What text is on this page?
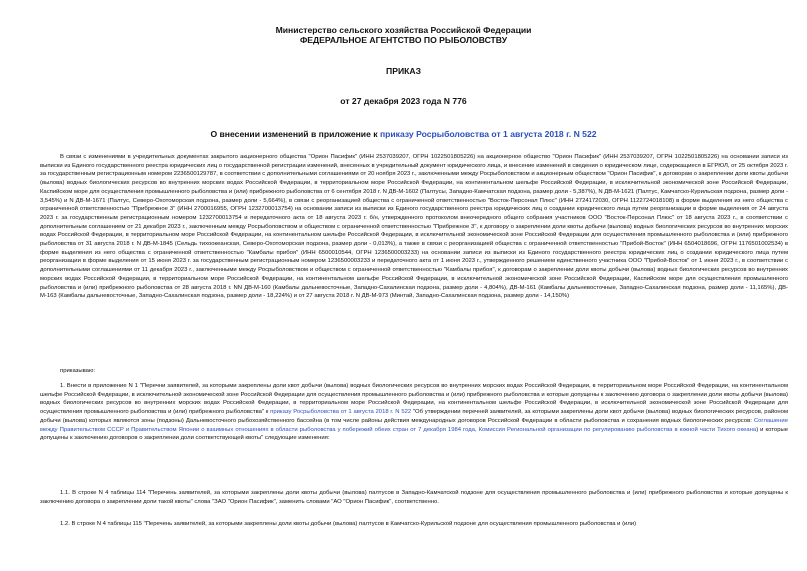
Министерство сельского хозяйства Российской Федерации
ФЕДЕРАЛЬНОЕ АГЕНТСТВО ПО РЫБОЛОВСТВУ
ПРИКАЗ
от 27 декабря 2023 года N 776
О внесении изменений в приложение к приказу Росрыболовства от 1 августа 2018 г. N 522
В связи с изменениями в учредительных документах закрытого акционерного общества "Орион Пасифик" (ИНН 2537039207, ОГРН 1022501805226) на акционерное общество "Орион Пасифик" (ИНН 2537039207, ОГРН 1022501805226) на основании записи из выписки из Единого государственного реестра юридических лиц о государственной регистрации изменений, внесенных в учредительный документ юридического лица, и внесение изменений в сведения о юридическом лице, содержащиеся в ЕГРЮЛ, от 25 октября 2023 г. за государственным регистрационным номером 2236500129787, в соответствии с дополнительными соглашениями от 20 ноября 2023 г., заключенными между Росрыболовством и акционерным обществом "Орион Пасифик", к договорам о закреплении доли квоты добычи (вылова) водных биологических ресурсов во внутренних морских водах Российской Федерации, в территориальном море Российской Федерации, на континентальном шельфе Российской Федерации, в исключительной экономической зоне Российской Федерации, Каспийском море для осуществления промышленного рыболовства и (или) прибрежного рыболовства от 6 сентября 2018 г. N ДВ-М-1602 (Палтусы, Западно-Камчатская подзона, размер доли - 5,387%), N ДВ-М-1621 (Палтус, Камчатско-Курильская подзона, размер доли - 3,545%) и N ДВ-М-1671 (Палтус, Северо-Охотоморская подзона, размер доли - 5,664%), в связи с реорганизацией общества с ограниченной ответственностью "Восток-Персонал Плюс" (ИНН 2724172030, ОГРН 1122724018108) в форме выделения из него общества с ограниченной ответственностью "Прибрежное 3" (ИНН 2700016955, ОГРН 1232700013754) на основании записи из выписки из Единого государственного реестра юридических лиц о создании юридического лица путем реорганизации в форме выделения от 24 августа 2023 г. за государственным регистрационным номером 1232700013754 и передаточного акта от 18 августа 2023 г. б/н, утвержденного протоколом внеочередного общего собрания участников ООО "Восток-Персонал Плюс" от 18 августа 2023 г., в соответствии с дополнительным соглашением от 21 декабря 2023 г., заключенным между Росрыболовством и обществом с ограниченной ответственностью "Прибрежное 3", к договору о закреплении доли квоты добычи (вылова) водных биологических ресурсов во внутренних морских водах Российской Федерации, в территориальном море Российской Федерации, на континентальном шельфе Российской Федерации, в исключительной экономической зоне Российской Федерации для осуществления промышленного рыболовства и (или) прибрежного рыболовства от 31 августа 2018 г. N ДВ-М-1845 (Сельдь тихоокеанская, Северо-Охотоморская подзона, размер доли - 0,013%), а также в связи с реорганизацией общества с ограниченной ответственностью "Прибой-Восток" (ИНН 6504018696, ОГРН 1176501002534) в форме выделения из него общества с ограниченной ответственностью "Камбалы прибоя" (ИНН 6500010544, ОГРН 1236500003233) на основании записи из выписки из Единого государственного реестра юридических лиц о создании юридического лица путем реорганизации в форме выделения от 15 июня 2023 г. за государственным регистрационным номером 1236500003233 и передаточного акта от 1 июня 2023 г., утвержденного решением единственного участника ООО "Прибой-Восток" от 1 июня 2023 г., в соответствии с дополнительными соглашениями от 11 декабря 2023 г., заключенными между Росрыболовством и обществом с ограниченной ответственностью "Камбалы прибоя", к договорам о закреплении доли квоты добычи (вылова) водных биологических ресурсов во внутренних морских водах Российской Федерации, в территориальном море Российской Федерации, на континентальном шельфе Российской Федерации, в исключительной экономической зоне Российской Федерации, Каспийском море для осуществления промышленного рыболовства и (или) прибрежного рыболовства от 28 августа 2018 г. NN ДВ-М-160 (Камбалы дальневосточные, Западно-Сахалинская подзона, размер доли - 4,804%), ДВ-М-161 (Камбалы дальневосточные, Западно-Сахалинская подзона, размер доли - 11,165%), ДВ-М-163 (Камбалы дальневосточные, Западно-Сахалинская подзона, размер доли - 18,224%) и от 27 августа 2018 г. N ДВ-М-973 (Минтай, Западно-Сахалинская подзона, размер доли - 14,150%)
приказываю:
1. Внести в приложение N 1 "Перечни заявителей, за которыми закреплены доли квот добычи (вылова) водных биологических ресурсов во внутренних морских водах Российской Федерации, в территориальном море Российской Федерации, на континентальном шельфе Российской Федерации, в исключительной экономической зоне Российской Федерации для осуществления промышленного рыболовства и (или) прибрежного рыболовства и которые допущены к заключению договора о закреплении доли квоты добычи (вылова) водных биологических ресурсов во внутренних морских водах Российской Федерации, в территориальном море Российской Федерации, на континентальном шельфе Российской Федерации, в исключительной экономической зоне Российской Федерации для осуществления промышленного рыболовства и (или) прибрежного рыболовства" к приказу Росрыболовства от 1 августа 2018 г. N 522 "Об утверждении перечней заявителей, за которыми закреплены доли квот добычи (вылова) водных биологических ресурсов, районом добычи (вылова) которых являются зоны (подзоны) Дальневосточного рыбохозяйственного бассейна (в том числе районы действия международных договоров Российской Федерации в области рыболовства и сохранения водных биологических ресурсов: Соглашение между Правительством СССР и Правительством Японии о взаимных отношениях в области рыболовства у побережий обеих стран от 7 декабря 1984 года, Комиссия Региональной организации по регулированию рыболовства в южной части Тихого океана) и которые допущены к заключению договоров о закреплении доли соответствующей квоты" следующие изменения:
1.1. В строке N 4 таблицы 114 "Перечень заявителей, за которыми закреплены доли квоты добычи (вылова) палтусов в Западно-Камчатской подзоне для осуществления промышленного рыболовства и (или) прибрежного рыболовства и которые допущены к заключению договора о закреплении доли такой квоты" слова "ЗАО "Орион Пасифик", заменить словами "АО "Орион Пасифик", соответственно.
1.2. В строке N 4 таблицы 115 "Перечень заявителей, за которыми закреплены доли квоты добычи (вылова) палтусов в Камчатско-Курильской подзоне для осуществления промышленного рыболовства и (или)
